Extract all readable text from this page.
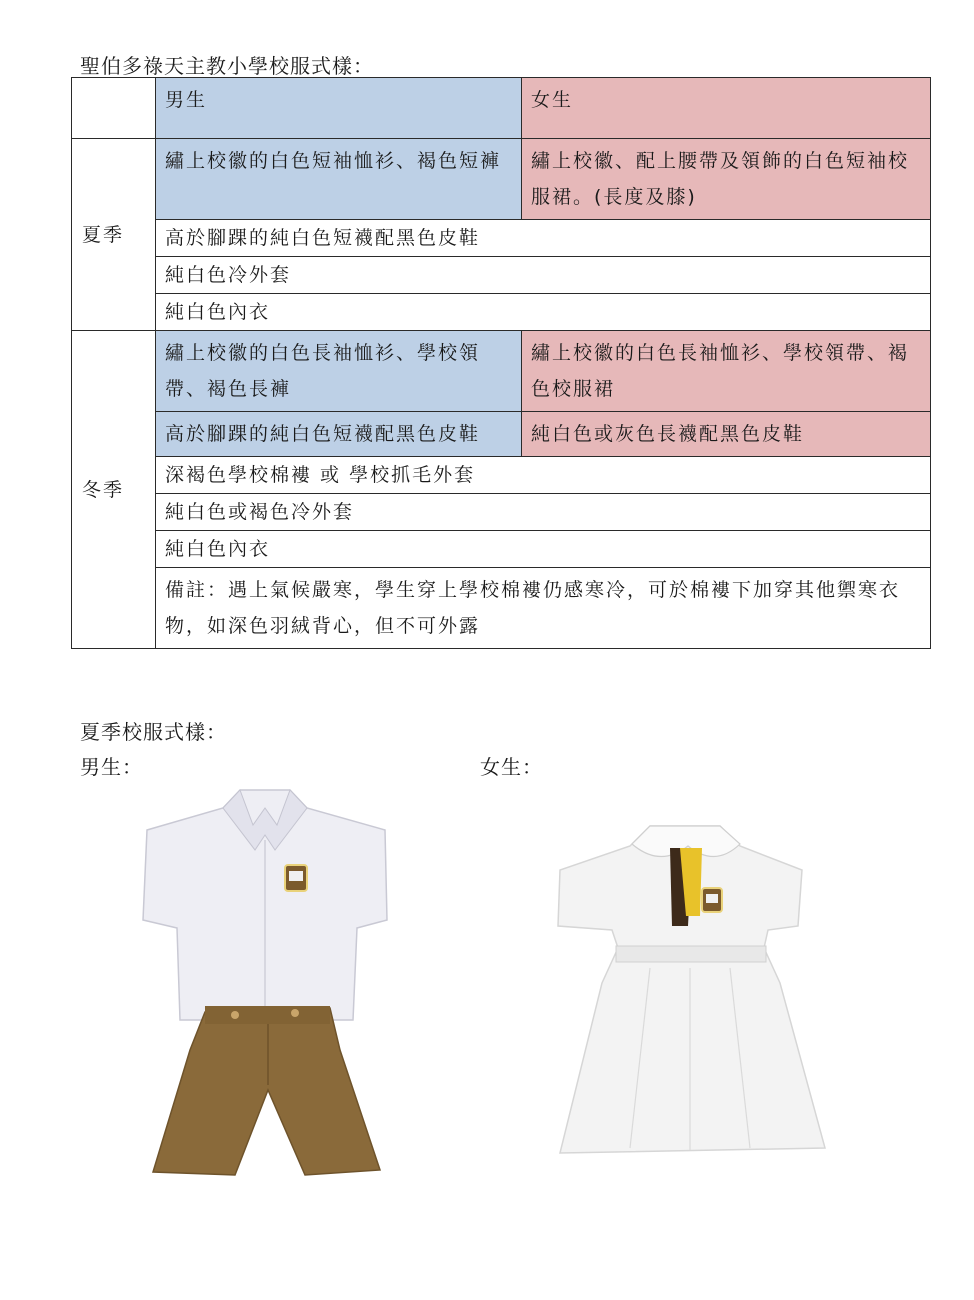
聖伯多祿天主教小學校服式樣：
	男生	女生
夏季	繡上校徽的白色短袖恤衫、褐色短褲	繡上校徽、配上腰帶及領飾的白色短袖校服裙。(長度及膝)
	高於腳踝的純白色短襪配黑色皮鞋	
	純白色冷外套	
	純白色內衣	
冬季	繡上校徽的白色長袖恤衫、學校領帶、褐色長褲	繡上校徽的白色長袖恤衫、學校領帶、褐色校服裙
	高於腳踝的純白色短襪配黑色皮鞋	純白色或灰色長襪配黑色皮鞋
	深褐色學校棉褸 或 學校抓毛外套	
	純白色或褐色冷外套	
	純白色內衣	
	備註：遇上氣候嚴寒，學生穿上學校棉褸仍感寒冷，可於棉褸下加穿其他禦寒衣物，如深色羽絨背心，但不可外露	
夏季校服式樣：
男生：	女生：
